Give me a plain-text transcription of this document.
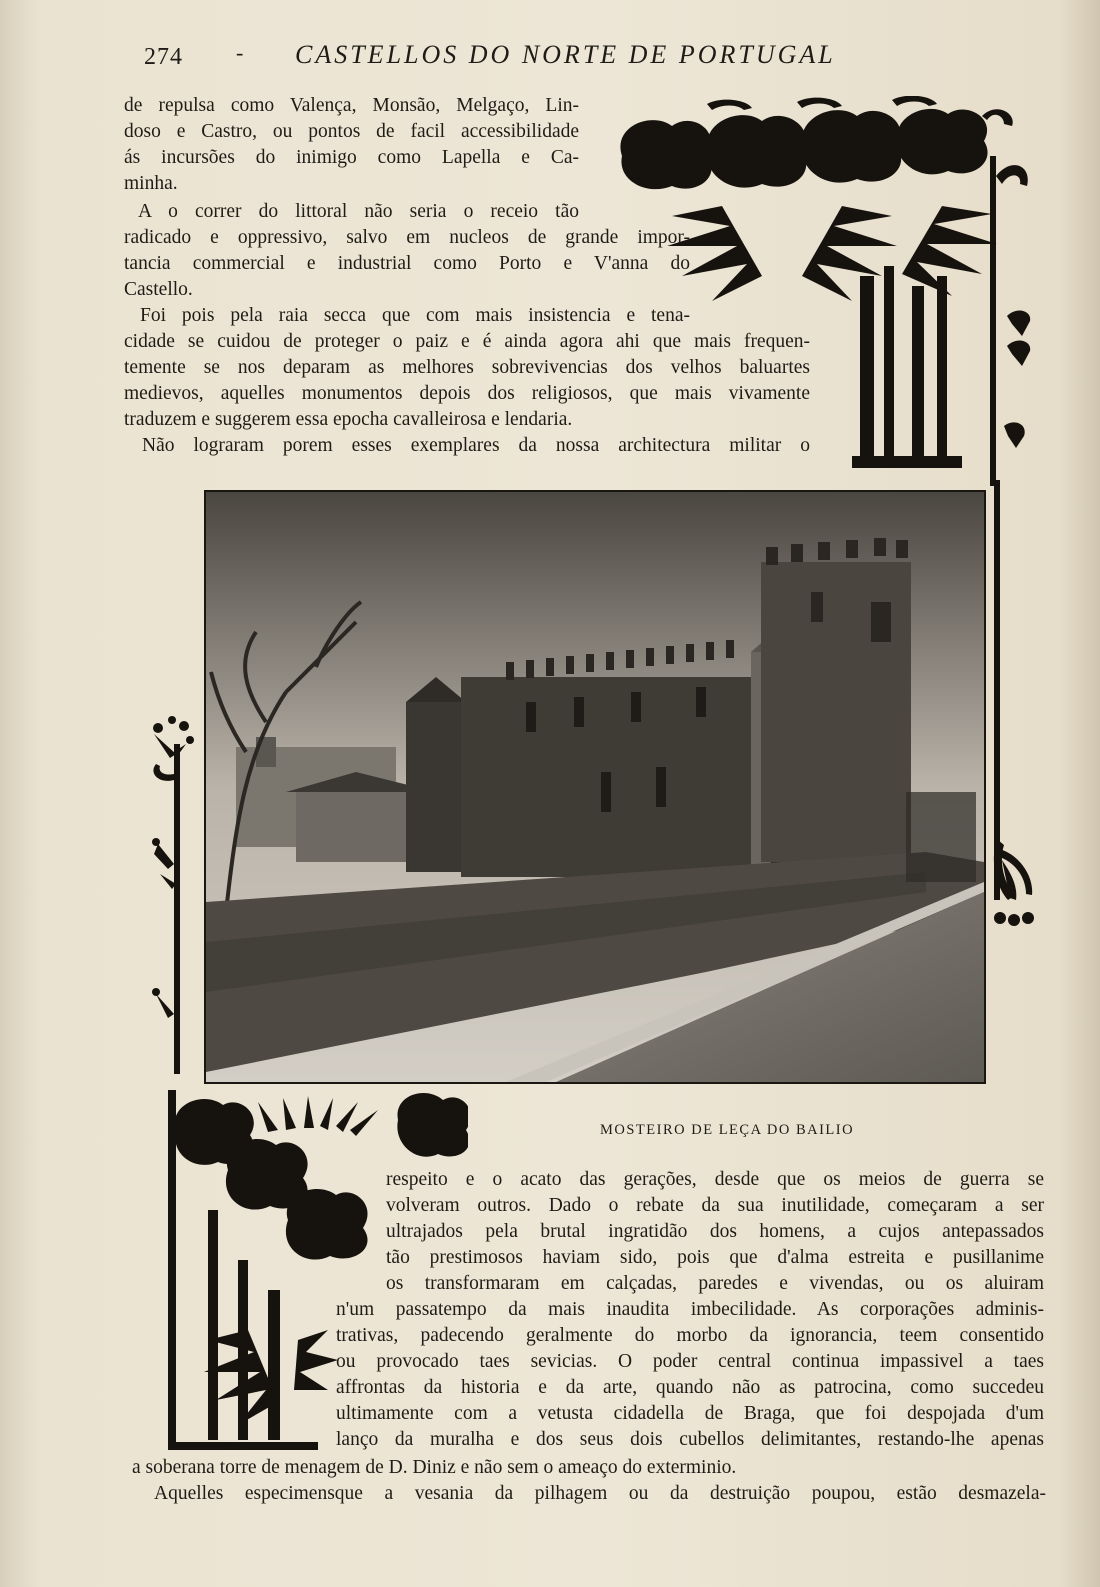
274 - CASTELLOS DO NORTE DE PORTUGAL
de repulsa como Valença, Monsão, Melgaço, Lin-
doso e Castro, ou pontos de facil accessibilidade
ás incursões do inimigo como Lapella e Ca-
minha.
A o correr do littoral não seria o receio tão
radicado e oppressivo, salvo em nucleos de grande impor-
tancia commercial e industrial como Porto e V'anna do
Castello.
Foi pois pela raia secca que com mais insistencia e tena-
cidade se cuidou de proteger o paiz e é ainda agora ahi que mais frequen-
temente se nos deparam as melhores sobrevivencias dos velhos baluartes
medievos, aquelles monumentos depois dos religiosos, que mais vivamente
traduzem e suggerem essa epocha cavalleirosa e lendaria.
Não lograram porem esses exemplares da nossa architectura militar o
MOSTEIRO DE LEÇA DO BAILIO
respeito e o acato das gerações, desde que os meios de guerra se
volveram outros. Dado o rebate da sua inutilidade, começaram a ser
ultrajados pela brutal ingratidão dos homens, a cujos antepassados
tão prestimosos haviam sido, pois que d'alma estreita e pusillanime
os transformaram em calçadas, paredes e vivendas, ou os aluiram
n'um passatempo da mais inaudita imbecilidade. As corporações adminis-
trativas, padecendo geralmente do morbo da ignorancia, teem consentido
ou provocado taes sevicias. O poder central continua impassivel a taes
affrontas da historia e da arte, quando não as patrocina, como succedeu
ultimamente com a vetusta cidadella de Braga, que foi despojada d'um
lanço da muralha e dos seus dois cubellos delimitantes, restando-lhe apenas
a soberana torre de menagem de D. Diniz e não sem o ameaço do exterminio.
Aquelles especimensque a vesania da pilhagem ou da destruição poupou, estão desmazela-
